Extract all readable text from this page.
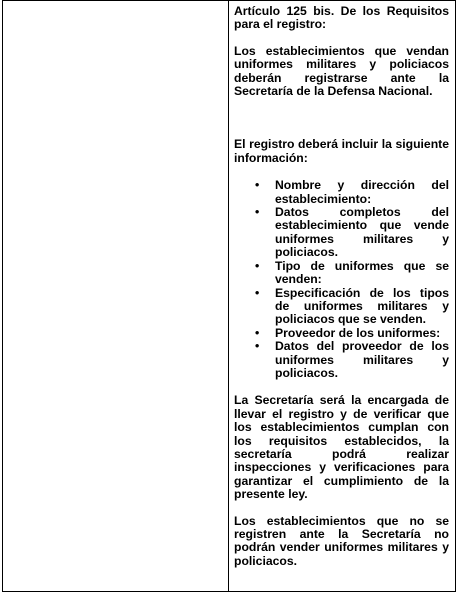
Artículo 125 bis. De los Requisitos para el registro:

Los establecimientos que vendan uniformes militares y policiacos deberán registrarse ante la Secretaría de la Defensa Nacional.

El registro deberá incluir la siguiente información:

• Nombre y dirección del establecimiento:
• Datos completos del establecimiento que vende uniformes militares y policiacos.
• Tipo de uniformes que se venden:
• Especificación de los tipos de uniformes militares y policiacos que se venden.
• Proveedor de los uniformes:
• Datos del proveedor de los uniformes militares y policiacos.

La Secretaría será la encargada de llevar el registro y de verificar que los establecimientos cumplan con los requisitos establecidos, la secretaría podrá realizar inspecciones y verificaciones para garantizar el cumplimiento de la presente ley.

Los establecimientos que no se registren ante la Secretaría no podrán vender uniformes militares y policiacos.
